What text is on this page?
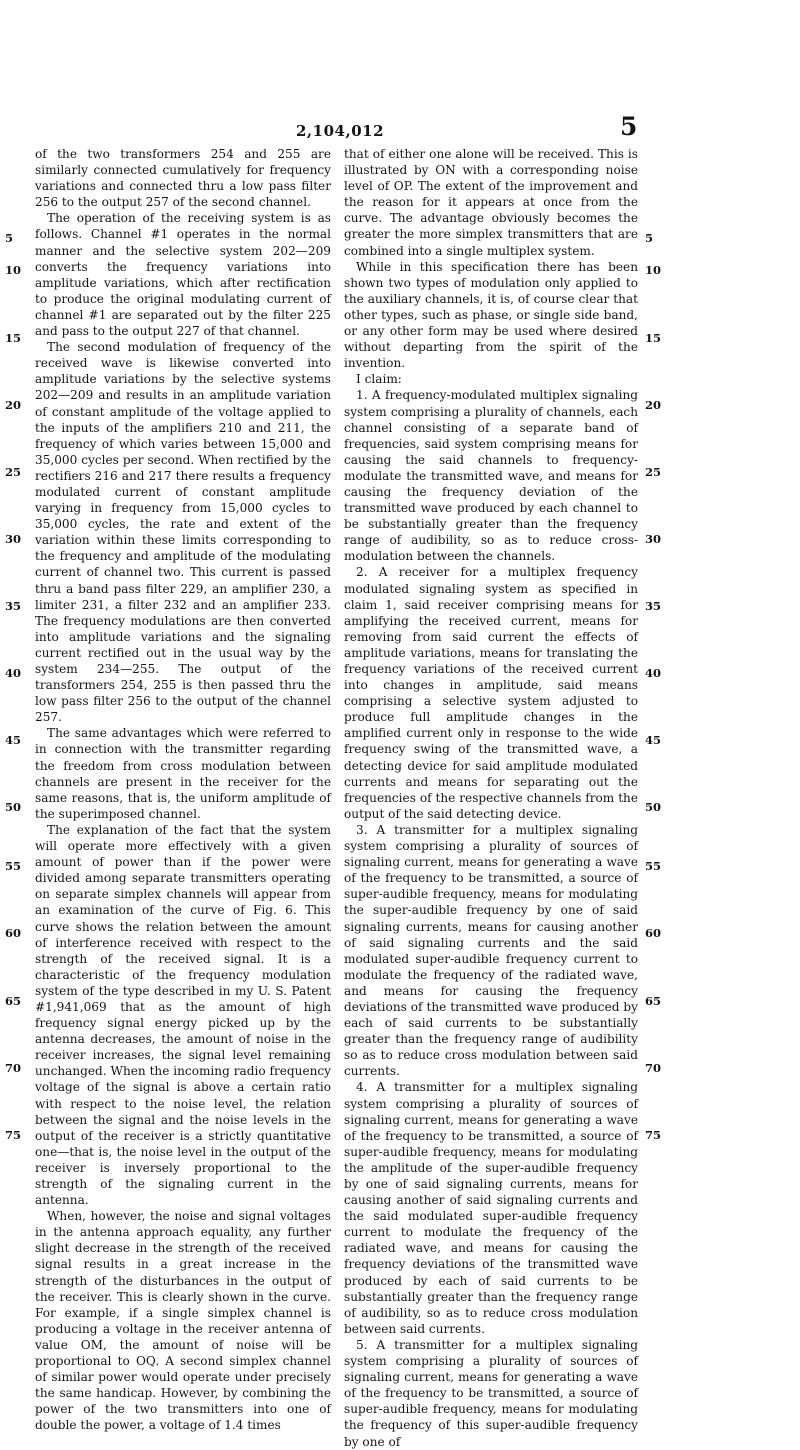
2,104,012	5

of the two transformers 254 and 255 are similarly connected cumulatively for frequency variations and connected thru a low pass filter 256 to the output 257 of the second channel.

The operation of the receiving system is as follows. Channel #1 operates in the normal manner and the selective system 202—209 converts the frequency variations into amplitude variations, which after rectification to produce the original modulating current of channel #1 are separated out by the filter 225 and pass to the output 227 of that channel.

The second modulation of frequency of the received wave is likewise converted into amplitude variations by the selective systems 202—209 and results in an amplitude variation of constant amplitude of the voltage applied to the inputs of the amplifiers 210 and 211, the frequency of which varies between 15,000 and 35,000 cycles per second. When rectified by the rectifiers 216 and 217 there results a frequency modulated current of constant amplitude varying in frequency from 15,000 cycles to 35,000 cycles, the rate and extent of the variation within these limits corresponding to the frequency and amplitude of the modulating current of channel two. This current is passed thru a band pass filter 229, an amplifier 230, a limiter 231, a filter 232 and an amplifier 233. The frequency modulations are then converted into amplitude variations and the signaling current rectified out in the usual way by the system 234—255. The output of the transformers 254, 255 is then passed thru the low pass filter 256 to the output of the channel 257.

The same advantages which were referred to in connection with the transmitter regarding the freedom from cross modulation between channels are present in the receiver for the same reasons, that is, the uniform amplitude of the superimposed channel.

The explanation of the fact that the system will operate more effectively with a given amount of power than if the power were divided among separate transmitters operating on separate simplex channels will appear from an examination of the curve of Fig. 6. This curve shows the relation between the amount of interference received with respect to the strength of the received signal. It is a characteristic of the frequency modulation system of the type described in my U. S. Patent #1,941,069 that as the amount of high frequency signal energy picked up by the antenna decreases, the amount of noise in the receiver increases, the signal level remaining unchanged. When the incoming radio frequency voltage of the signal is above a certain ratio with respect to the noise level, the relation between the signal and the noise levels in the output of the receiver is a strictly quantitative one—that is, the noise level in the output of the receiver is inversely proportional to the strength of the signaling current in the antenna.

When, however, the noise and signal voltages in the antenna approach equality, any further slight decrease in the strength of the received signal results in a great increase in the strength of the disturbances in the output of the receiver. This is clearly shown in the curve. For example, if a single simplex channel is producing a voltage in the receiver antenna of value OM, the amount of noise will be proportional to OQ. A second simplex channel of similar power would operate under precisely the same handicap. However, by combining the power of the two transmitters into one of double the power, a voltage of 1.4 times

that of either one alone will be received. This is illustrated by ON with a corresponding noise level of OP. The extent of the improvement and the reason for it appears at once from the curve. The advantage obviously becomes the greater the more simplex transmitters that are combined into a single multiplex system.

While in this specification there has been shown two types of modulation only applied to the auxiliary channels, it is, of course clear that other types, such as phase, or single side band, or any other form may be used where desired without departing from the spirit of the invention.

I claim:

1. A frequency-modulated multiplex signaling system comprising a plurality of channels, each channel consisting of a separate band of frequencies, said system comprising means for causing the said channels to frequency-modulate the transmitted wave, and means for causing the frequency deviation of the transmitted wave produced by each channel to be substantially greater than the frequency range of audibility, so as to reduce cross-modulation between the channels.

2. A receiver for a multiplex frequency modulated signaling system as specified in claim 1, said receiver comprising means for amplifying the received current, means for removing from said current the effects of amplitude variations, means for translating the frequency variations of the received current into changes in amplitude, said means comprising a selective system adjusted to produce full amplitude changes in the amplified current only in response to the wide frequency swing of the transmitted wave, a detecting device for said amplitude modulated currents and means for separating out the frequencies of the respective channels from the output of the said detecting device.

3. A transmitter for a multiplex signaling system comprising a plurality of sources of signaling current, means for generating a wave of the frequency to be transmitted, a source of super-audible frequency, means for modulating the super-audible frequency by one of said signaling currents, means for causing another of said signaling currents and the said modulated super-audible frequency current to modulate the frequency of the radiated wave, and means for causing the frequency deviations of the transmitted wave produced by each of said currents to be substantially greater than the frequency range of audibility so as to reduce cross modulation between said currents.

4. A transmitter for a multiplex signaling system comprising a plurality of sources of signaling current, means for generating a wave of the frequency to be transmitted, a source of super-audible frequency, means for modulating the amplitude of the super-audible frequency by one of said signaling currents, means for causing another of said signaling currents and the said modulated super-audible frequency current to modulate the frequency of the radiated wave, and means for causing the frequency deviations of the transmitted wave produced by each of said currents to be substantially greater than the frequency range of audibility, so as to reduce cross modulation between said currents.

5. A transmitter for a multiplex signaling system comprising a plurality of sources of signaling current, means for generating a wave of the frequency to be transmitted, a source of super-audible frequency, means for modulating the frequency of this super-audible frequency by one of

5
10
15
20
25
30
35
40
45
50
55
60
65
70
75
5
10
15
20
25
30
35
40
45
50
55
60
65
70
75
